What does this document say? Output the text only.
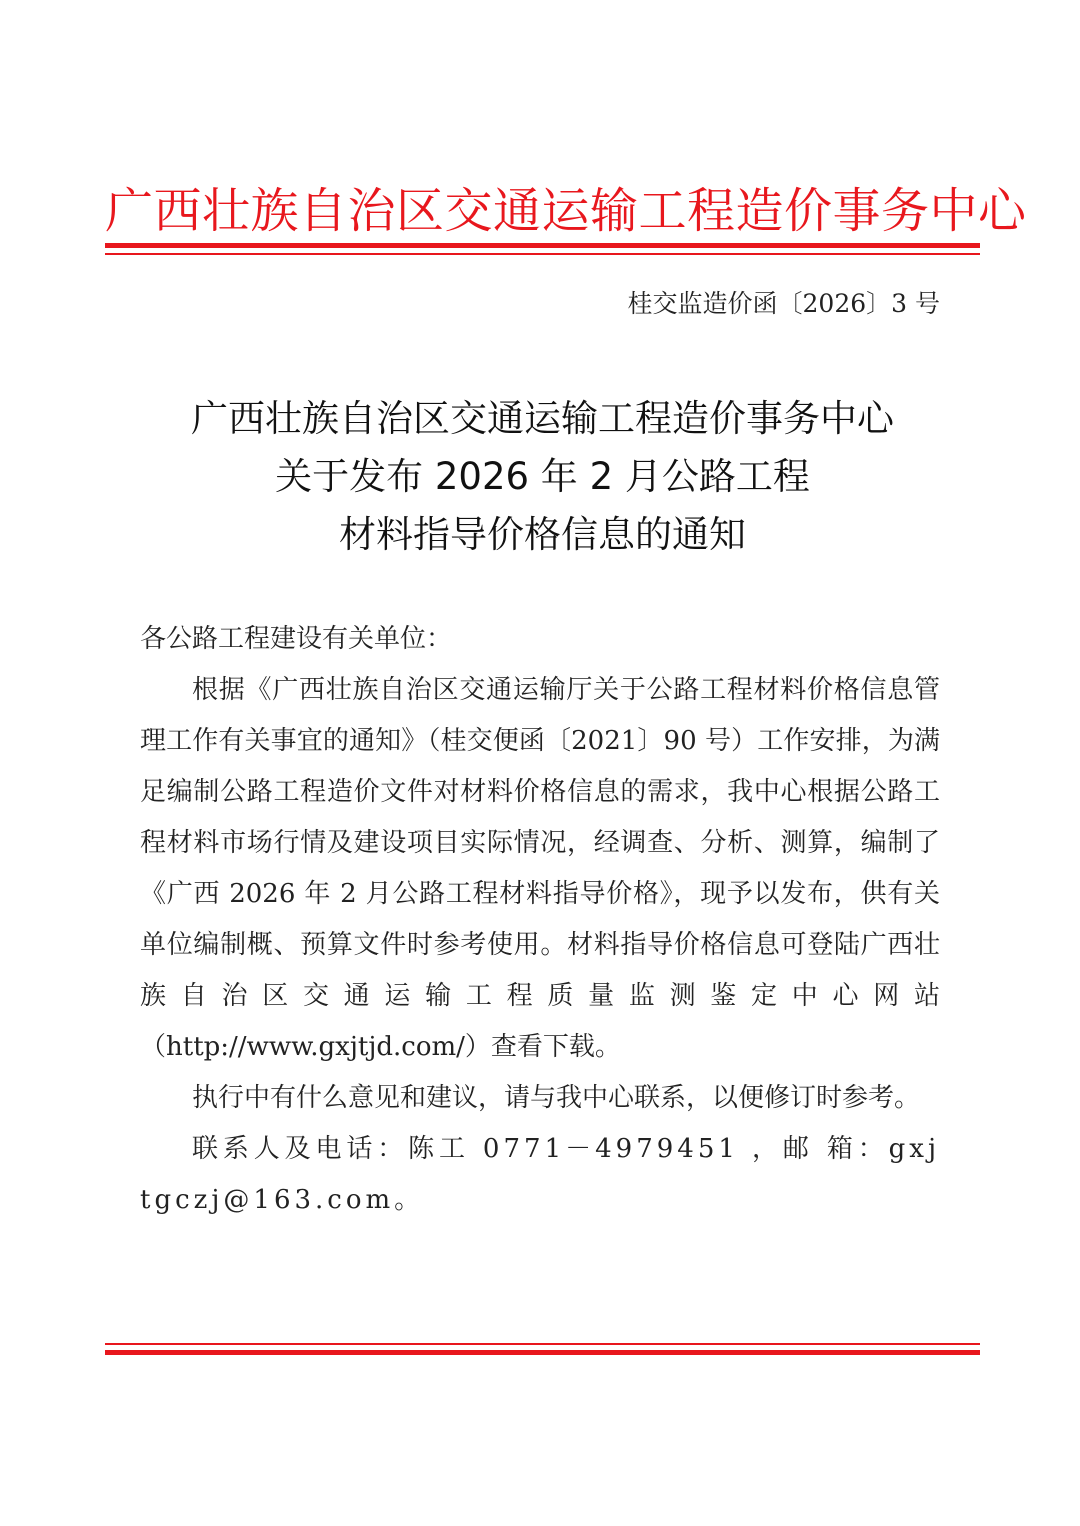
广西壮族自治区交通运输工程造价事务中心
桂交监造价函〔2026〕3 号
广西壮族自治区交通运输工程造价事务中心
关于发布 2026 年 2 月公路工程
材料指导价格信息的通知

各公路工程建设有关单位：

根据《广西壮族自治区交通运输厅关于公路工程材料价格信息管理工作有关事宜的通知》（桂交便函〔2021〕90 号）工作安排，为满足编制公路工程造价文件对材料价格信息的需求，我中心根据公路工程材料市场行情及建设项目实际情况，经调查、分析、测算，编制了《广西 2026 年 2 月公路工程材料指导价格》，现予以发布，供有关单位编制概、预算文件时参考使用。材料指导价格信息可登陆广西壮族自治区交通运输工程质量监测鉴定中心网站（http://www.gxjtjd.com/）查看下载。

执行中有什么意见和建议，请与我中心联系，以便修订时参考。

联系人及电话：陈工 0771－4979451 ，邮 箱：gxjtgczj@163.com。
